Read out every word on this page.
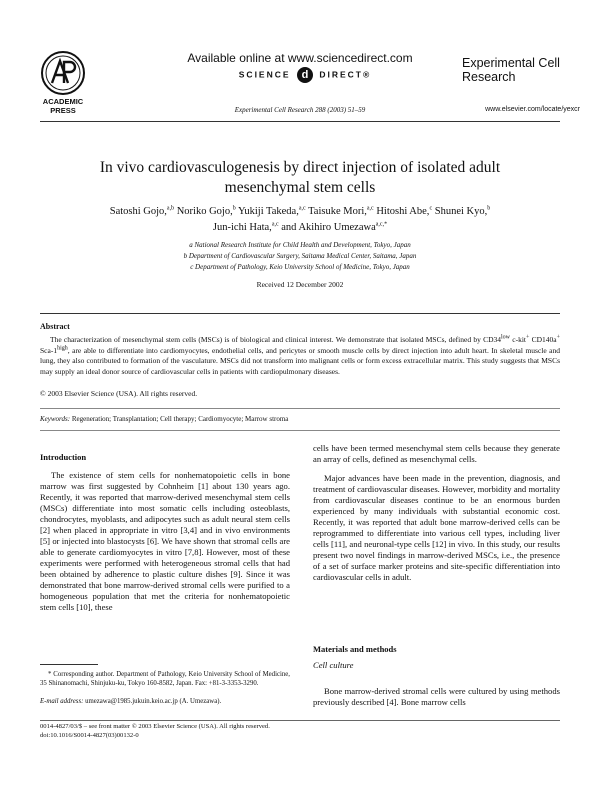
ACADEMIC PRESS
Available online at www.sciencedirect.com
SCIENCE d DIRECT®
Experimental Cell Research 288 (2003) 51–59
Experimental Cell Research
www.elsevier.com/locate/yexcr
In vivo cardiovasculogenesis by direct injection of isolated adult mesenchymal stem cells
Satoshi Gojo,$^{a,b}$ Noriko Gojo,$^b$ Yukiji Takeda,$^{a,c}$ Taisuke Mori,$^{a,c}$ Hitoshi Abe,$^c$ Shunei Kyo,$^b$
Jun-ichi Hata,$^{a,c}$ and Akihiro Umezawa$^{a,c,*}$
a National Research Institute for Child Health and Development, Tokyo, Japan
b Department of Cardiovascular Surgery, Saitama Medical Center, Saitama, Japan
c Department of Pathology, Keio University School of Medicine, Tokyo, Japan
Received 12 December 2002
Abstract
The characterization of mesenchymal stem cells (MSCs) is of biological and clinical interest. We demonstrate that isolated MSCs, defined by $CD34^{low}$ c-kit+ CD140a+ Sca-$1^{high}$, are able to differentiate into cardiomyocytes, endothelial cells, and pericytes or smooth muscle cells by direct injection into adult heart. In skeletal muscle and lung, they also contributed to formation of the vasculature. MSCs did not transform into malignant cells or form excess extracellular matrix. This study suggests that MSCs may supply an ideal donor source of cardiovascular cells in patients with cardiopulmonary diseases.
© 2003 Elsevier Science (USA). All rights reserved.
Keywords: Regeneration; Transplantation; Cell therapy; Cardiomyocyte; Marrow stroma
Introduction

The existence of stem cells for nonhematopoietic cells in bone marrow was first suggested by Cohnheim [1] about 130 years ago. Recently, it was reported that marrow-derived mesenchymal stem cells (MSCs) differentiate into most somatic cells including osteoblasts, chondrocytes, myoblasts, and adipocytes such as adult neural stem cells [2] when placed in appropriate in vitro [3,4] and in vivo environments [5] or injected into blastocysts [6]. We have shown that stromal cells are able to generate cardiomyocytes in vitro [7,8]. However, most of these experiments were performed with heterogeneous stromal cells that had been obtained by adherence to plastic culture dishes [9]. Since it was demonstrated that bone marrow-derived stromal cells were purified to a homogeneous population that met the criteria for nonhematopoietic stem cells [10], these

* Corresponding author. Department of Pathology, Keio University School of Medicine, 35 Shinanomachi, Shinjuku-ku, Tokyo 160-8582, Japan. Fax: +81-3-3353-3290.

E-mail address: umezawa@1985.jukuin.keio.ac.jp (A. Umezawa).

cells have been termed mesenchymal stem cells because they generate an array of cells, defined as mesenchymal cells.

Major advances have been made in the prevention, diagnosis, and treatment of cardiovascular diseases. However, morbidity and mortality from cardiovascular diseases continue to be an enormous burden experienced by many individuals with substantial economic cost. Recently, it was reported that adult bone marrow-derived cells can be reprogrammed to differentiate into various cell types, including liver cells [11], and neuronal-type cells [12] in vivo. In this study, our results present two novel findings in marrow-derived MSCs, i.e., the presence of a set of surface marker proteins and site-specific differentiation into cardiovascular cells in adult.

Materials and methods
Cell culture

Bone marrow-derived stromal cells were cultured by using methods previously described [4]. Bone marrow cells

0014-4827/03/$ – see front matter © 2003 Elsevier Science (USA). All rights reserved.
doi:10.1016/S0014-4827(03)00132-0
